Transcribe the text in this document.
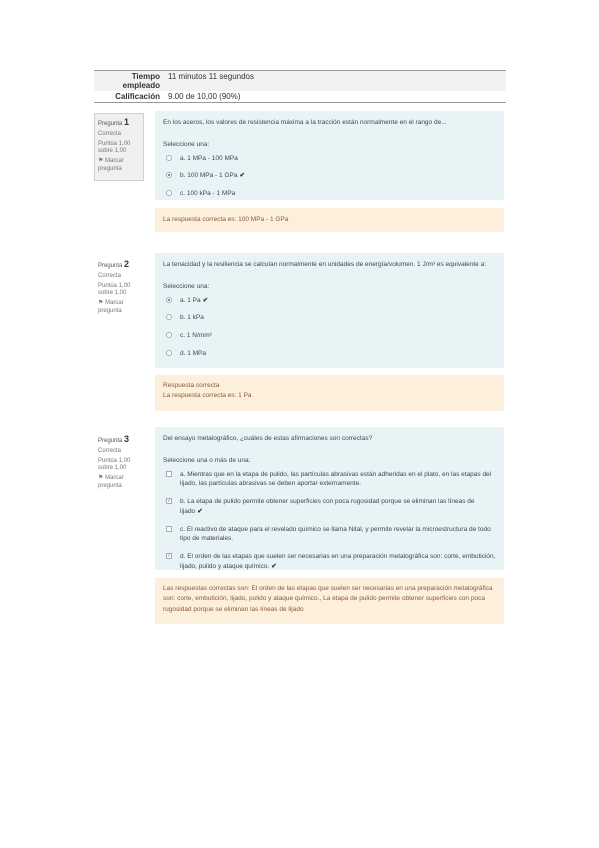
Tiempo empleado
11 minutos 11 segundos
Calificación	9.00 de 10,00 (90%)
Pregunta 1
Correcta
Puntúa 1,00 sobre 1,00
⚑ Marcar pregunta
En los aceros, los valores de resistencia máxima a la tracción están normalmente en el rango de...
Seleccione una:
a. 1 MPa - 100 MPa
b. 100 MPa - 1 GPa ✔
c. 100 kPa - 1 MPa
La respuesta correcta es: 100 MPa - 1 GPa
Pregunta 2
Correcta
Puntúa 1,00 sobre 1,00
⚑ Marcar pregunta
La tenacidad y la resiliencia se calculan normalmente en unidades de energía/volumen. 1 J/m³ es equivalente a:
Seleccione una:
a. 1 Pa ✔
b. 1 kPa
c. 1 N/mm²
d. 1 MPa
Respuesta correcta
La respuesta correcta es: 1 Pa
Pregunta 3
Correcta
Puntúa 1,00 sobre 1,00
⚑ Marcar pregunta
Del ensayo metalográfico, ¿cuáles de estas afirmaciones son correctas?
Seleccione una o más de una:
a. Mientras que en la etapa de pulido, las partículas abrasivas están adheridas en el plato, en las etapas del lijado, las partículas abrasivas se deben aportar externamente.
✓ b. La etapa de pulido permite obtener superficies con poca rugosidad porque se eliminan las líneas de lijado ✔
c. El reactivo de ataque para el revelado químico se llama Nital, y permite revelar la microestructura de todo tipo de materiales.
✓ d. El orden de las etapas que suelen ser necesarias en una preparación metalográfica son: corte, embutición, lijado, pulido y ataque químico. ✔
Las respuestas correctas son: El orden de las etapas que suelen ser necesarias en una preparación metalográfica son: corte, embutición, lijado, pulido y ataque químico., La etapa de pulido permite obtener superficies con poca rugosidad porque se eliminan las líneas de lijado
